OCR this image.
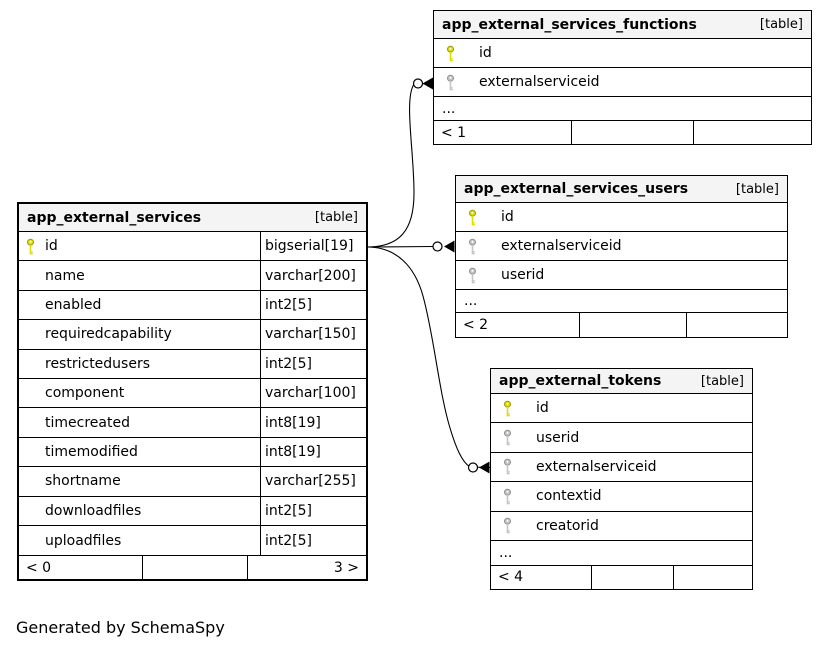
app_external_services	[table]
id	bigserial[19]
name	varchar[200]
enabled	int2[5]
requiredcapability	varchar[150]
restrictedusers	int2[5]
component	varchar[100]
timecreated	int8[19]
timemodified	int8[19]
shortname	varchar[255]
downloadfiles	int2[5]
uploadfiles	int2[5]
< 0	3 >
app_external_services_functions	[table]
id
externalserviceid
...
< 1
app_external_services_users	[table]
id
externalserviceid
userid
...
< 2
app_external_tokens	[table]
id
userid
externalserviceid
contextid
creatorid
...
< 4
Generated by SchemaSpy
